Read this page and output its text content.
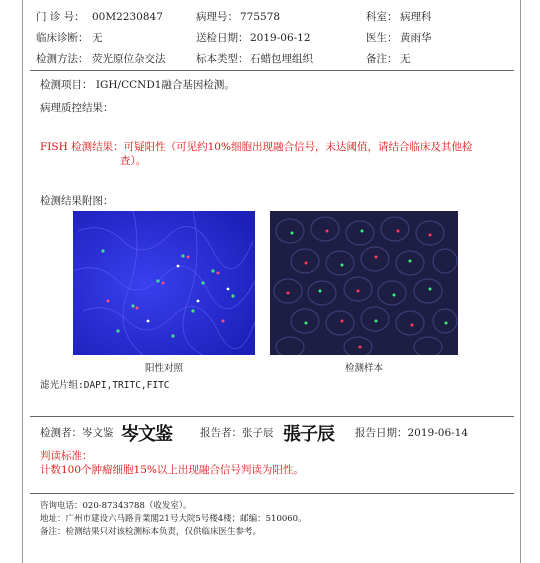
门 诊 号： 00M2230847	病理号： 775578	科室： 病理科
临床诊断： 无	送检日期： 2019-06-12	医生： 黄雨华
检测方法： 荧光原位杂交法	标本类型： 石蜡包埋组织	备注： 无
检测项目： IGH/CCND1融合基因检测。
病理质控结果：
FISH 检测结果：可疑阳性（可见约10%细胞出现融合信号，未达阈值，请结合临床及其他检
查）。
检测结果附图：
阳性对照	检测样本
滤光片组:DAPI,TRITC,FITC
检测者：岑文鉴 岑文鉴	报告者：张子辰 張子辰 报告日期：2019-06-14
判读标准：
计数100个肿瘤细胞15%以上出现融合信号判读为阳性。
咨询电话：020-87343788（收发室）。
地址：广州市建设六马路肯業閣21号大院5号楼4楼；邮编：510060。
备注：检测结果只对该检测标本负责，仅供临床医生参考。
